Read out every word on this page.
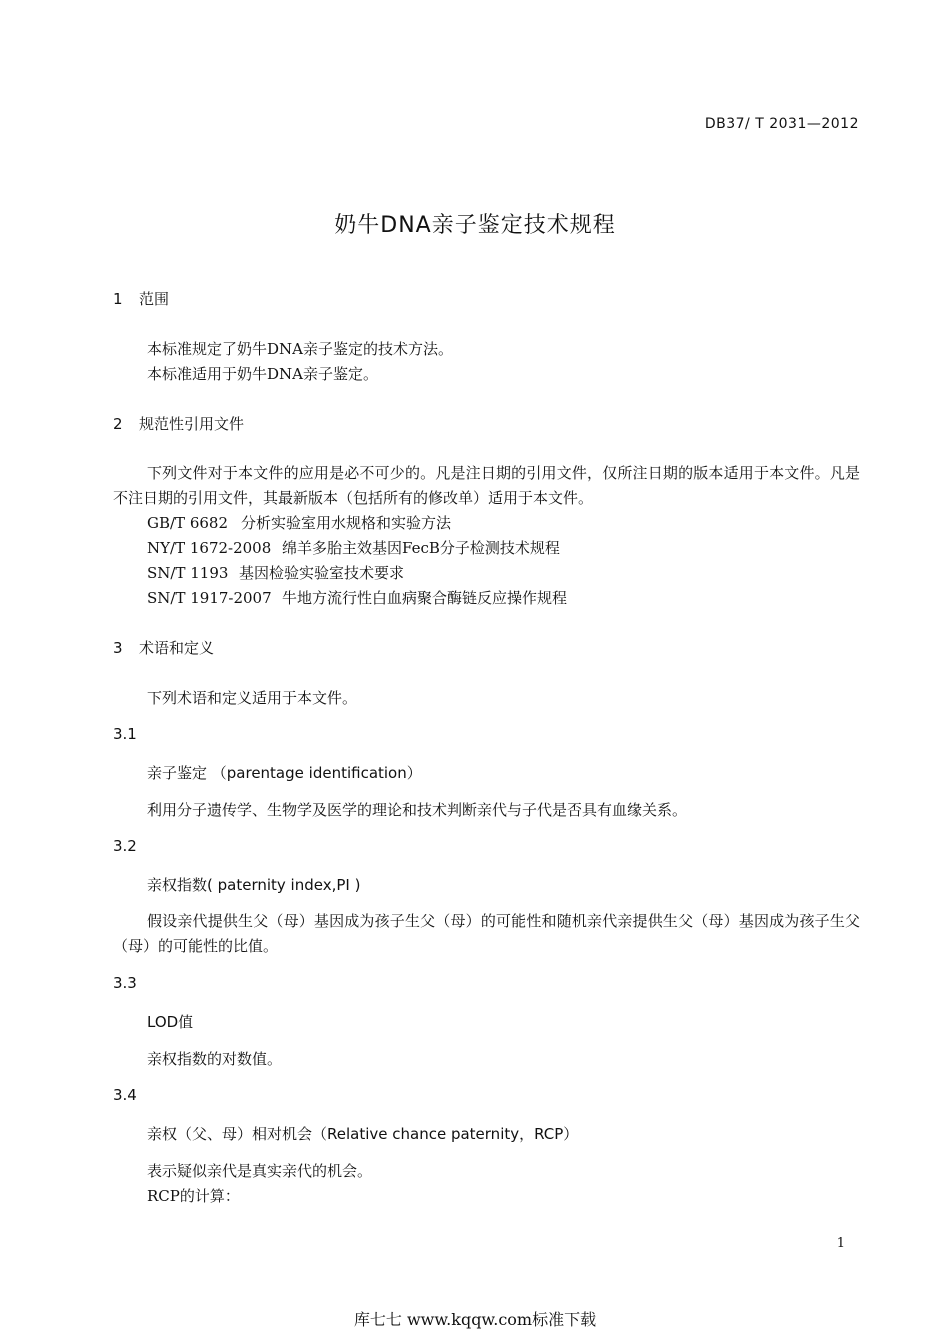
DB37/ T 2031—2012
奶牛DNA亲子鉴定技术规程
1 范围
本标准规定了奶牛DNA亲子鉴定的技术方法。
本标准适用于奶牛DNA亲子鉴定。
2 规范性引用文件
下列文件对于本文件的应用是必不可少的。凡是注日期的引用文件，仅所注日期的版本适用于本文件。凡是不注日期的引用文件，其最新版本（包括所有的修改单）适用于本文件。
GB/T 6682 分析实验室用水规格和实验方法
NY/T 1672-2008 绵羊多胎主效基因FecB分子检测技术规程
SN/T 1193 基因检验实验室技术要求
SN/T 1917-2007 牛地方流行性白血病聚合酶链反应操作规程
3 术语和定义
下列术语和定义适用于本文件。
3.1
亲子鉴定 （parentage identification）
利用分子遗传学、生物学及医学的理论和技术判断亲代与子代是否具有血缘关系。
3.2
亲权指数( paternity index,PI )
假设亲代提供生父（母）基因成为孩子生父（母）的可能性和随机亲代亲提供生父（母）基因成为孩子生父（母）的可能性的比值。
3.3
LOD值
亲权指数的对数值。
3.4
亲权（父、母）相对机会（Relative chance paternity，RCP）
表示疑似亲代是真实亲代的机会。
RCP的计算：
1
库七七 www.kqqw.com标准下载
